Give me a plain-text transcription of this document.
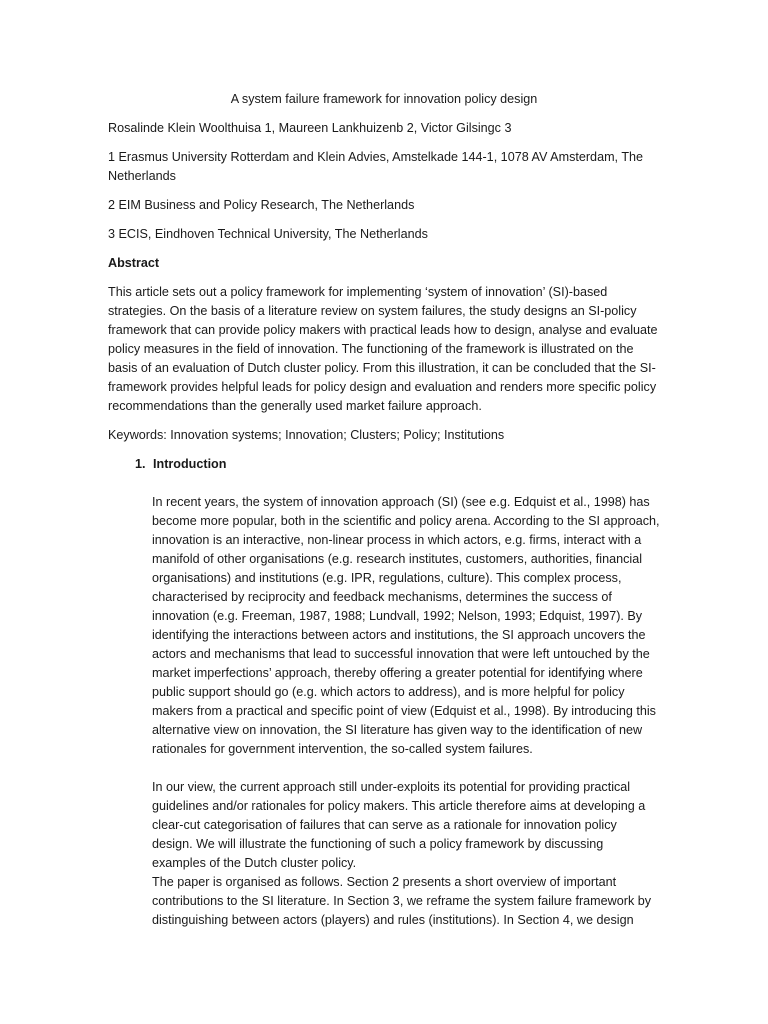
A system failure framework for innovation policy design

Rosalinde Klein Woolthuisa 1, Maureen Lankhuizenb 2, Victor Gilsingc 3

1 Erasmus University Rotterdam and Klein Advies, Amstelkade 144-1, 1078 AV Amsterdam, The Netherlands

2 EIM Business and Policy Research, The Netherlands

3 ECIS, Eindhoven Technical University, The Netherlands

Abstract

This article sets out a policy framework for implementing ‘system of innovation’ (SI)-based strategies. On the basis of a literature review on system failures, the study designs an SI-policy framework that can provide policy makers with practical leads how to design, analyse and evaluate policy measures in the field of innovation. The functioning of the framework is illustrated on the basis of an evaluation of Dutch cluster policy. From this illustration, it can be concluded that the SI-framework provides helpful leads for policy design and evaluation and renders more specific policy recommendations than the generally used market failure approach.

Keywords: Innovation systems; Innovation; Clusters; Policy; Institutions

1. Introduction

In recent years, the system of innovation approach (SI) (see e.g. Edquist et al., 1998) has become more popular, both in the scientific and policy arena. According to the SI approach, innovation is an interactive, non-linear process in which actors, e.g. firms, interact with a manifold of other organisations (e.g. research institutes, customers, authorities, financial organisations) and institutions (e.g. IPR, regulations, culture). This complex process, characterised by reciprocity and feedback mechanisms, determines the success of innovation (e.g. Freeman, 1987, 1988; Lundvall, 1992; Nelson, 1993; Edquist, 1997). By identifying the interactions between actors and institutions, the SI approach uncovers the actors and mechanisms that lead to successful innovation that were left untouched by the market imperfections’ approach, thereby offering a greater potential for identifying where public support should go (e.g. which actors to address), and is more helpful for policy makers from a practical and specific point of view (Edquist et al., 1998). By introducing this alternative view on innovation, the SI literature has given way to the identification of new rationales for government intervention, the so-called system failures.

In our view, the current approach still under-exploits its potential for providing practical guidelines and/or rationales for policy makers. This article therefore aims at developing a clear-cut categorisation of failures that can serve as a rationale for innovation policy design. We will illustrate the functioning of such a policy framework by discussing examples of the Dutch cluster policy.

The paper is organised as follows. Section 2 presents a short overview of important contributions to the SI literature. In Section 3, we reframe the system failure framework by distinguishing between actors (players) and rules (institutions). In Section 4, we design
